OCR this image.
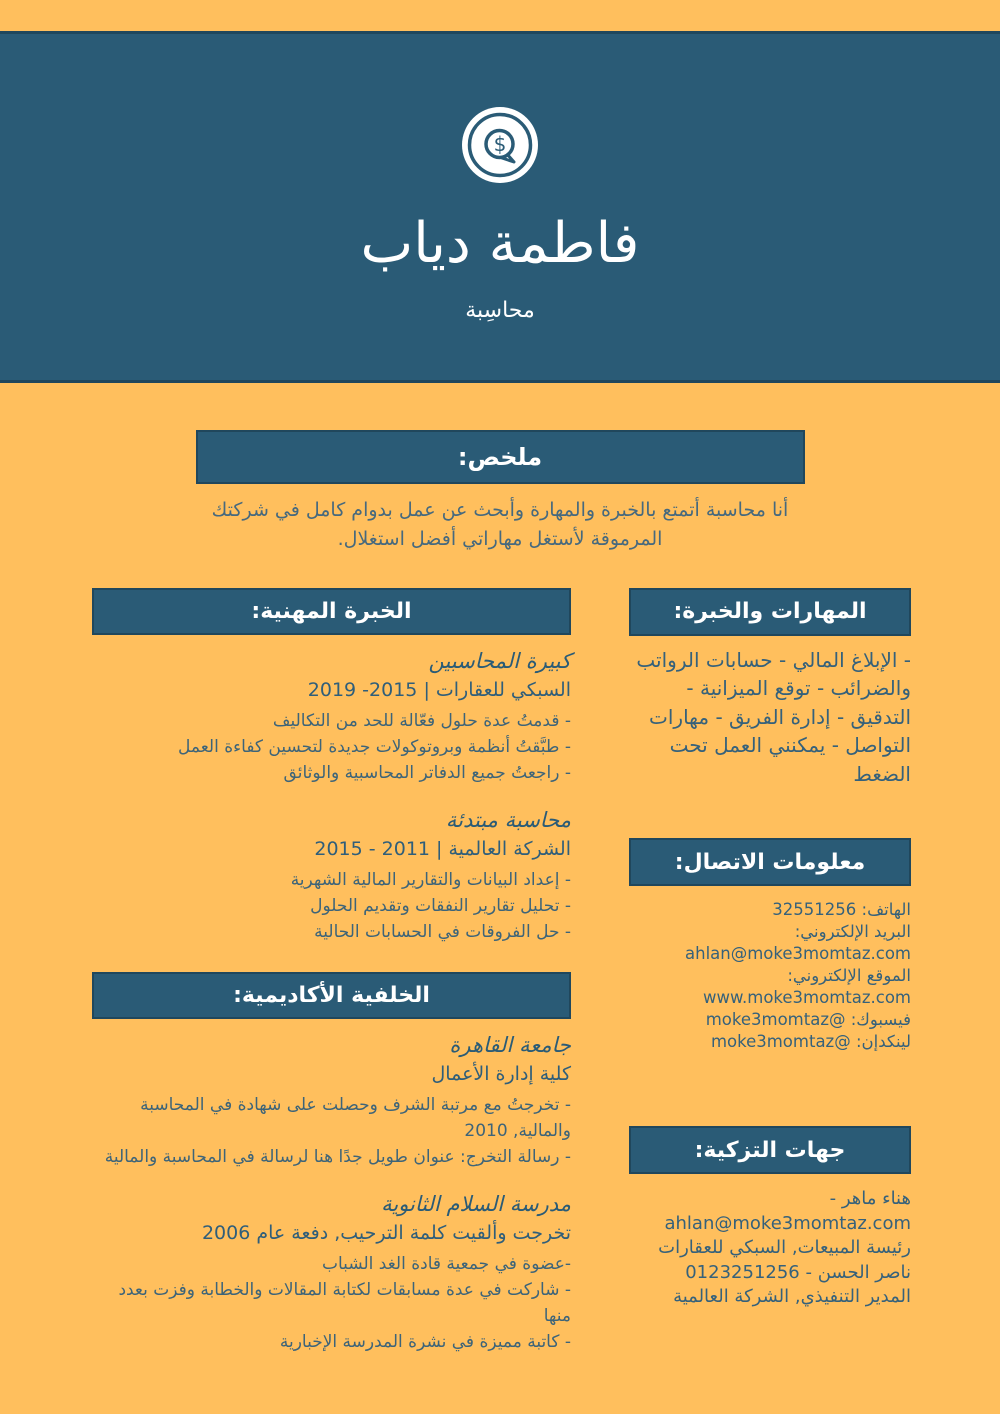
$
فاطمة دياب
محاسِبة
ملخص:

أنا محاسبة أتمتع بالخبرة والمهارة وأبحث عن عمل بدوام كامل في شركتك المرموقة لأستغل مهاراتي أفضل استغلال.

المهارات والخبرة:

- الإبلاغ المالي - حسابات الرواتب والضرائب - توقع الميزانية - التدقيق - إدارة الفريق - مهارات التواصل - يمكنني العمل تحت الضغط

معلومات الاتصال:
الهاتف: 32551256
البريد الإلكتروني: ahlan@moke3momtaz.com
الموقع الإلكتروني: www.moke3momtaz.com
فيسبوك: @moke3momtaz
لينكدإن: @moke3momtaz
جهات التزكية:
هناء ماهر -
ahlan@moke3momtaz.com
رئيسة المبيعات, السبكي للعقارات
ناصر الحسن - 0123251256
المدير التنفيذي, الشركة العالمية
الخبرة المهنية:
كبيرة المحاسبين
السبكي للعقارات | 2015- 2019
- قدمتُ عدة حلول فعّالة للحد من التكاليف
- طبَّقتُ أنظمة وبروتوكولات جديدة لتحسين كفاءة العمل
- راجعتُ جميع الدفاتر المحاسبية والوثائق
محاسبة مبتدئة
الشركة العالمية | 2011 - 2015
- إعداد البيانات والتقارير المالية الشهرية
- تحليل تقارير النفقات وتقديم الحلول
- حل الفروقات في الحسابات الحالية
الخلفية الأكاديمية:
جامعة القاهرة
كلية إدارة الأعمال
- تخرجتُ مع مرتبة الشرف وحصلت على شهادة في المحاسبة والمالية, 2010
- رسالة التخرج: عنوان طويل جدًا هنا لرسالة في المحاسبة والمالية
مدرسة السلام الثانوية
تخرجت وألقيت كلمة الترحيب, دفعة عام 2006
-عضوة في جمعية قادة الغد الشباب
- شاركت في عدة مسابقات لكتابة المقالات والخطابة وفزت بعدد منها
- كاتبة مميزة في نشرة المدرسة الإخبارية
